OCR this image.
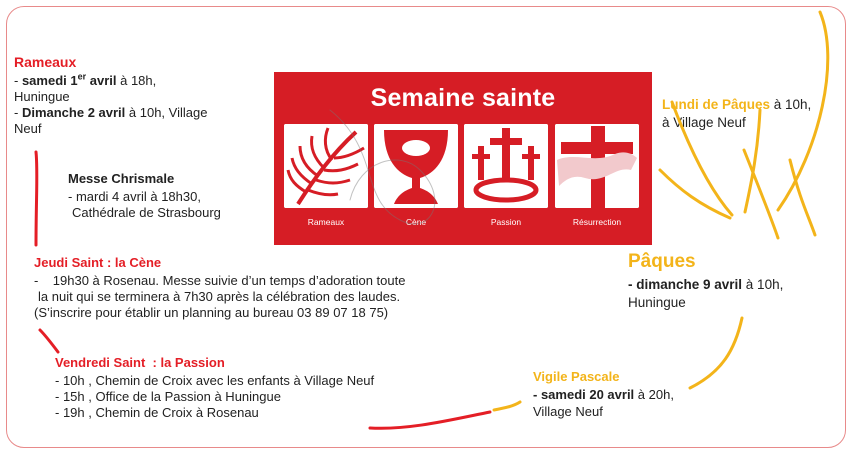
Rameaux
- samedi 1er avril à 18h,
Huningue
- Dimanche 2 avril à 10h, Village
Neuf
Messe Chrismale
- mardi 4 avril à 18h30,
Cathédrale de Strasbourg
Jeudi Saint : la Cène
-    19h30 à Rosenau. Messe suivie d’un temps d’adoration toute
la nuit qui se terminera à 7h30 après la célébration des laudes.
(S’inscrire pour établir un planning au bureau 03 89 07 18 75)
Vendredi Saint  : la Passion
- 10h , Chemin de Croix avec les enfants à Village Neuf
- 15h , Office de la Passion à Huningue
- 19h , Chemin de Croix à Rosenau
Semaine sainte
Rameaux	Cène	Passion	Résurrection
Lundi de Pâques à 10h,
à Village Neuf
Pâques
- dimanche 9 avril à 10h,
Huningue
Vigile Pascale
- samedi 20 avril à 20h,
Village Neuf
